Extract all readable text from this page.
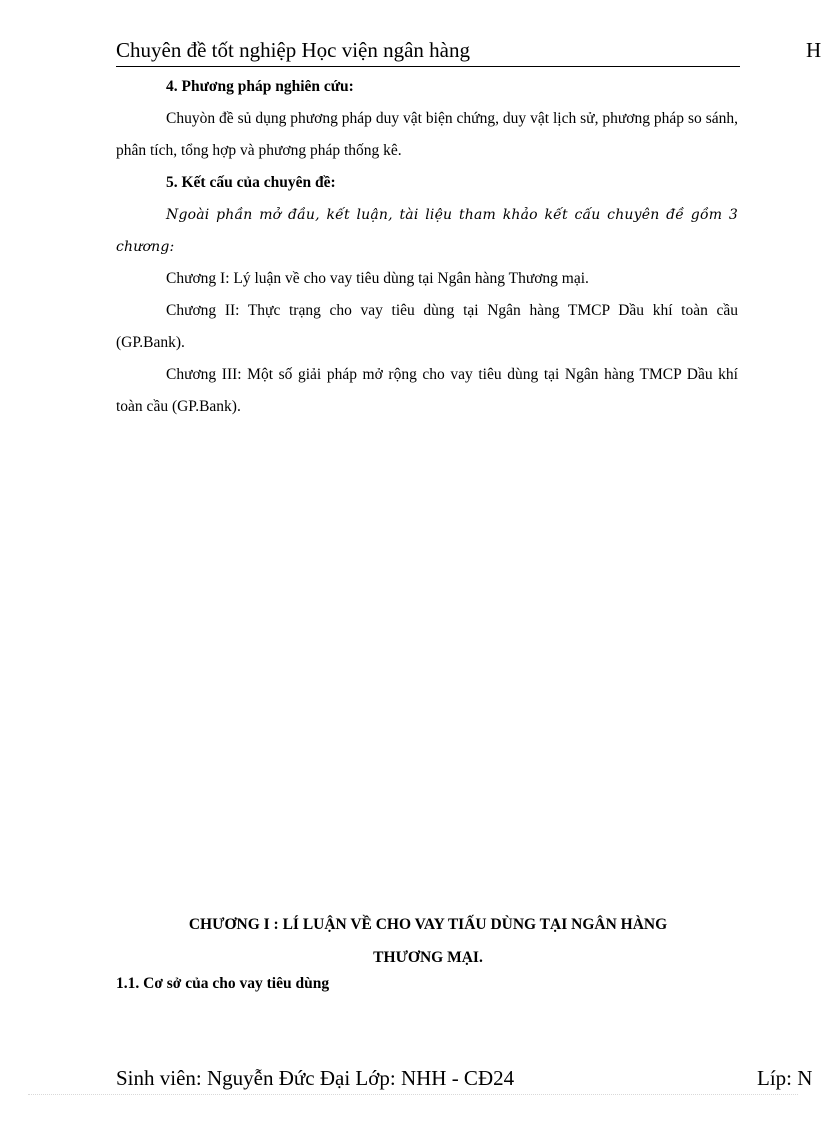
Chuyên đề tốt nghiệp Học viện ngân hàng	H

4. Phương pháp nghiên cứu:

Chuyòn đề sủ dụng phương pháp duy vật biện chứng, duy vật lịch sử, phương pháp so sánh, phân tích, tổng hợp và phương pháp thống kê.

5. Kết cấu của chuyên đề:

Ngoài phần mở đầu, kết luận, tài liệu tham khảo kết cấu chuyên đề gồm 3 chương:

Chương I: Lý luận về cho vay tiêu dùng tại Ngân hàng Thương mại.

Chương II: Thực trạng cho vay tiêu dùng tại Ngân hàng TMCP Dầu khí toàn cầu (GP.Bank).

Chương III: Một số giải pháp mở rộng cho vay tiêu dùng tại Ngân hàng TMCP Dầu khí toàn cầu (GP.Bank).

CHƯƠNG I : LÍ LUẬN VỀ CHO VAY TIẤU DÙNG TẠI NGÂN HÀNG
THƯƠNG MẠI.
1.1. Cơ sở của cho vay tiêu dùng
Sinh viên: Nguyễn Đức Đại Lớp: NHH - CĐ24	Líp: N
